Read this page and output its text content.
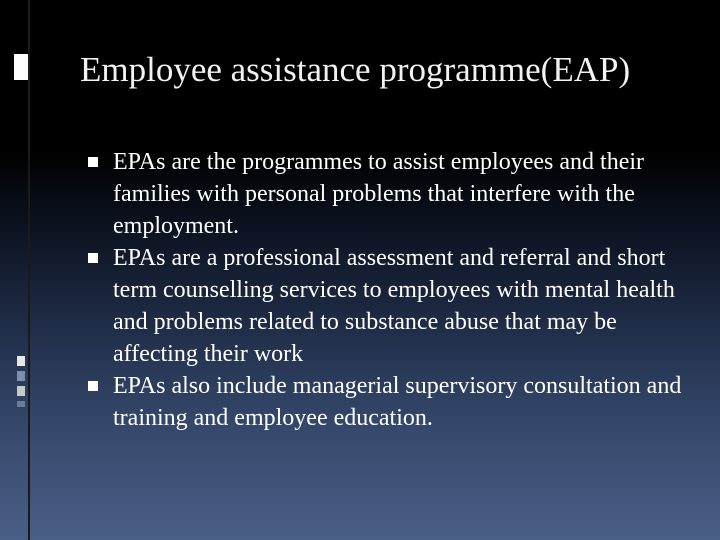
Employee assistance programme(EAP)
EPAs are the programmes to assist employees and their families with personal problems that interfere with the employment.
EPAs are a professional assessment and referral and short term counselling services to employees with mental health and problems related to substance abuse that may be affecting their work
EPAs also include managerial supervisory consultation and training and employee education.
